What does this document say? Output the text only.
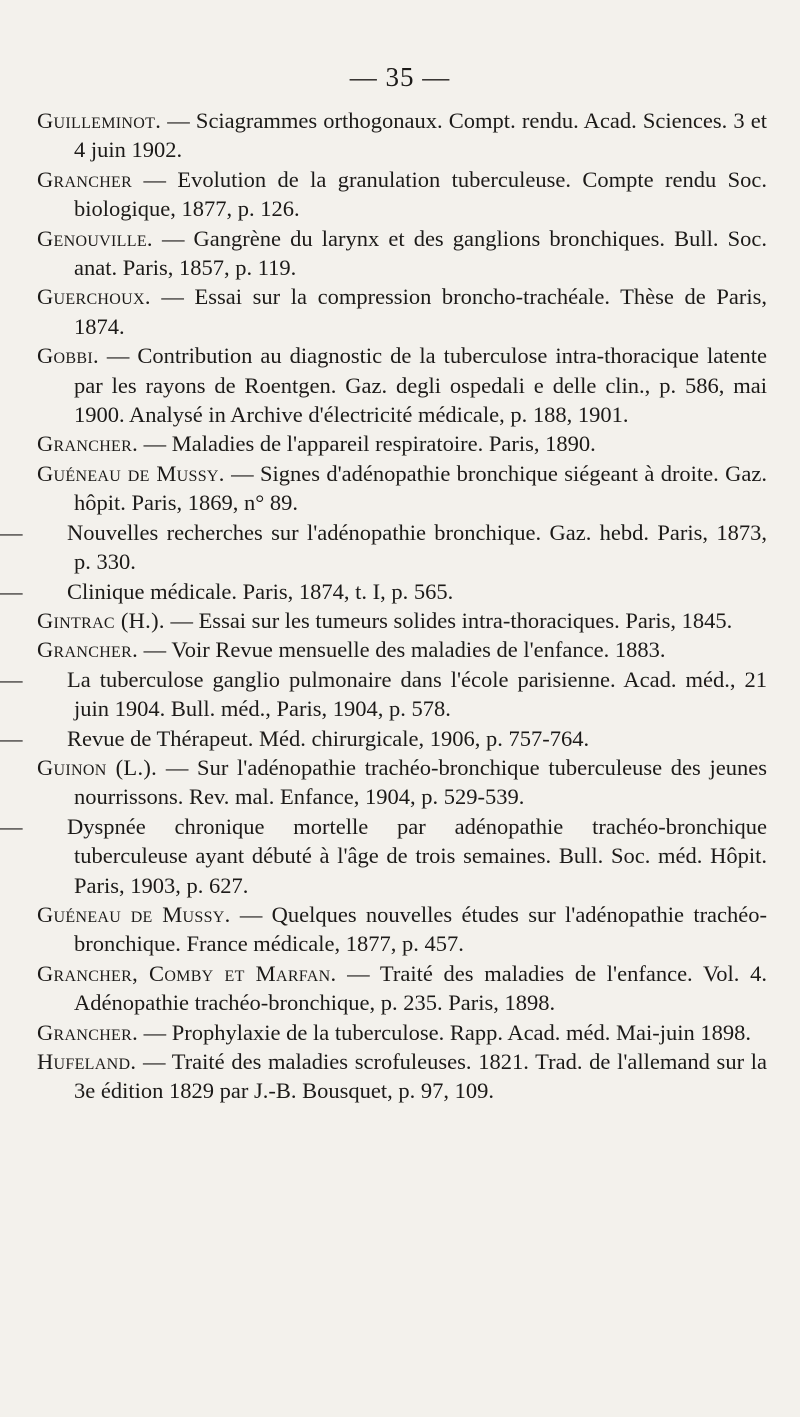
— 35 —

Guilleminot. — Sciagrammes orthogonaux. Compt. rendu. Acad. Sciences. 3 et 4 juin 1902.

Grancher — Evolution de la granulation tuberculeuse. Compte rendu Soc. biologique, 1877, p. 126.

Genouville. — Gangrène du larynx et des ganglions bronchiques. Bull. Soc. anat. Paris, 1857, p. 119.

Guerchoux. — Essai sur la compression broncho-trachéale. Thèse de Paris, 1874.

Gobbi. — Contribution au diagnostic de la tuberculose intra-thoracique latente par les rayons de Roentgen. Gaz. degli ospedali e delle clin., p. 586, mai 1900. Analysé in Archive d'électricité médicale, p. 188, 1901.

Grancher. — Maladies de l'appareil respiratoire. Paris, 1890.

Guéneau de Mussy. — Signes d'adénopathie bronchique siégeant à droite. Gaz. hôpit. Paris, 1869, n° 89.

— Nouvelles recherches sur l'adénopathie bronchique. Gaz. hebd. Paris, 1873, p. 330.

— Clinique médicale. Paris, 1874, t. I, p. 565.

Gintrac (H.). — Essai sur les tumeurs solides intra-thoraciques. Paris, 1845.

Grancher. — Voir Revue mensuelle des maladies de l'enfance. 1883.

— La tuberculose ganglio pulmonaire dans l'école parisienne. Acad. méd., 21 juin 1904. Bull. méd., Paris, 1904, p. 578.

— Revue de Thérapeut. Méd. chirurgicale, 1906, p. 757-764.

Guinon (L.). — Sur l'adénopathie trachéo-bronchique tuberculeuse des jeunes nourrissons. Rev. mal. Enfance, 1904, p. 529-539.

— Dyspnée chronique mortelle par adénopathie trachéo-bronchique tuberculeuse ayant débuté à l'âge de trois semaines. Bull. Soc. méd. Hôpit. Paris, 1903, p. 627.

Guéneau de Mussy. — Quelques nouvelles études sur l'adénopathie trachéo-bronchique. France médicale, 1877, p. 457.

Grancher, Comby et Marfan. — Traité des maladies de l'enfance. Vol. 4. Adénopathie trachéo-bronchique, p. 235. Paris, 1898.

Grancher. — Prophylaxie de la tuberculose. Rapp. Acad. méd. Mai-juin 1898.

Hufeland. — Traité des maladies scrofuleuses. 1821. Trad. de l'allemand sur la 3e édition 1829 par J.-B. Bousquet, p. 97, 109.
